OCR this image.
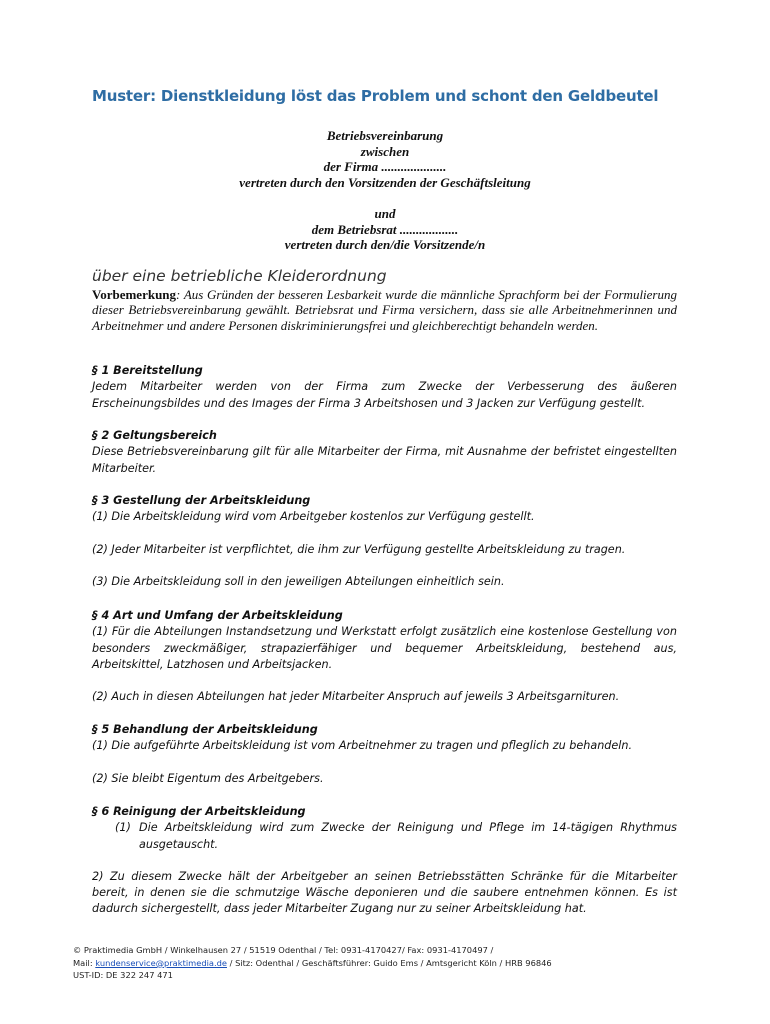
Muster: Dienstkleidung löst das Problem und schont den Geldbeutel
Betriebsvereinbarung
zwischen
der Firma ....................
vertreten durch den Vorsitzenden der Geschäftsleitung
und
dem Betriebsrat ..................
vertreten durch den/die Vorsitzende/n
über eine betriebliche Kleiderordnung
Vorbemerkung: Aus Gründen der besseren Lesbarkeit wurde die männliche Sprachform bei der Formulierung dieser Betriebsvereinbarung gewählt. Betriebsrat und Firma versichern, dass sie alle Arbeitnehmerinnen und Arbeitnehmer und andere Personen diskriminierungsfrei und gleichberechtigt behandeln werden.

§ 1 Bereitstellung

Jedem Mitarbeiter werden von der Firma zum Zwecke der Verbesserung des äußeren Erscheinungsbildes und des Images der Firma 3 Arbeitshosen und 3 Jacken zur Verfügung gestellt.

§ 2 Geltungsbereich

Diese Betriebsvereinbarung gilt für alle Mitarbeiter der Firma, mit Ausnahme der befristet eingestellten Mitarbeiter.

§ 3 Gestellung der Arbeitskleidung

(1) Die Arbeitskleidung wird vom Arbeitgeber kostenlos zur Verfügung gestellt.

(2) Jeder Mitarbeiter ist verpflichtet, die ihm zur Verfügung gestellte Arbeitskleidung zu tragen.

(3) Die Arbeitskleidung soll in den jeweiligen Abteilungen einheitlich sein.

§ 4 Art und Umfang der Arbeitskleidung

(1) Für die Abteilungen Instandsetzung und Werkstatt erfolgt zusätzlich eine kostenlose Gestellung von besonders zweckmäßiger, strapazierfähiger und bequemer Arbeitskleidung, bestehend aus, Arbeitskittel, Latzhosen und Arbeitsjacken.

(2) Auch in diesen Abteilungen hat jeder Mitarbeiter Anspruch auf jeweils 3 Arbeitsgarnituren.

§ 5 Behandlung der Arbeitskleidung

(1) Die aufgeführte Arbeitskleidung ist vom Arbeitnehmer zu tragen und pfleglich zu behandeln.

(2) Sie bleibt Eigentum des Arbeitgebers.

§ 6 Reinigung der Arbeitskleidung

(1) Die Arbeitskleidung wird zum Zwecke der Reinigung und Pflege im 14-tägigen Rhythmus ausgetauscht.

2) Zu diesem Zwecke hält der Arbeitgeber an seinen Betriebsstätten Schränke für die Mitarbeiter bereit, in denen sie die schmutzige Wäsche deponieren und die saubere entnehmen können. Es ist dadurch sichergestellt, dass jeder Mitarbeiter Zugang nur zu seiner Arbeitskleidung hat.

© Praktimedia GmbH / Winkelhausen 27 / 51519 Odenthal / Tel: 0931-4170427/ Fax: 0931-4170497 /
Mail: kundenservice@praktimedia.de / Sitz: Odenthal / Geschäftsführer: Guido Ems / Amtsgericht Köln / HRB 96846
UST-ID: DE 322 247 471
